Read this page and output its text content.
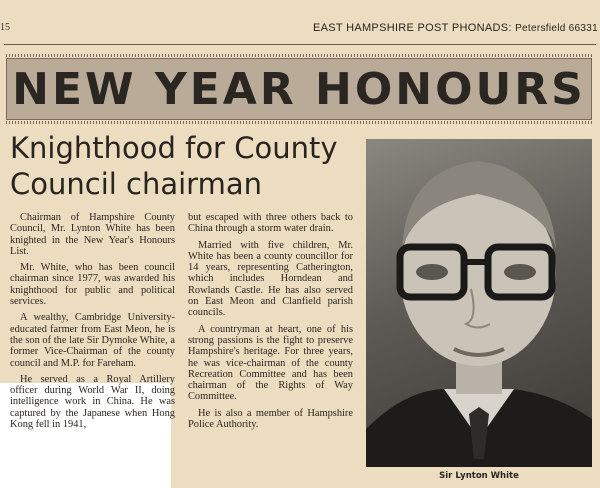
15	EAST HAMPSHIRE POST PHONADS: Petersfield 66331
NEW YEAR HONOURS
Knighthood for County
Council chairman

Chairman of Hampshire County Council, Mr. Lynton White has been knighted in the New Year's Honours List.

Mr. White, who has been council chairman since 1977, was awarded his knighthood for public and political services.

A wealthy, Cambridge University-educated farmer from East Meon, he is the son of the late Sir Dymoke White, a former Vice-Chairman of the county council and M.P. for Fareham.

He served as a Royal Artillery officer during World War II, doing intelligence work in China. He was captured by the Japanese when Hong Kong fell in 1941,

but escaped with three others back to China through a storm water drain.

Married with five children, Mr. White has been a county councillor for 14 years, representing Catherington, which includes Horndean and Rowlands Castle. He has also served on East Meon and Clanfield parish councils.

A countryman at heart, one of his strong passions is the fight to preserve Hampshire's heritage. For three years, he was vice-chairman of the county Recreation Committee and has been chairman of the Rights of Way Committee.

He is also a member of Hampshire Police Authority.

Sir Lynton White
